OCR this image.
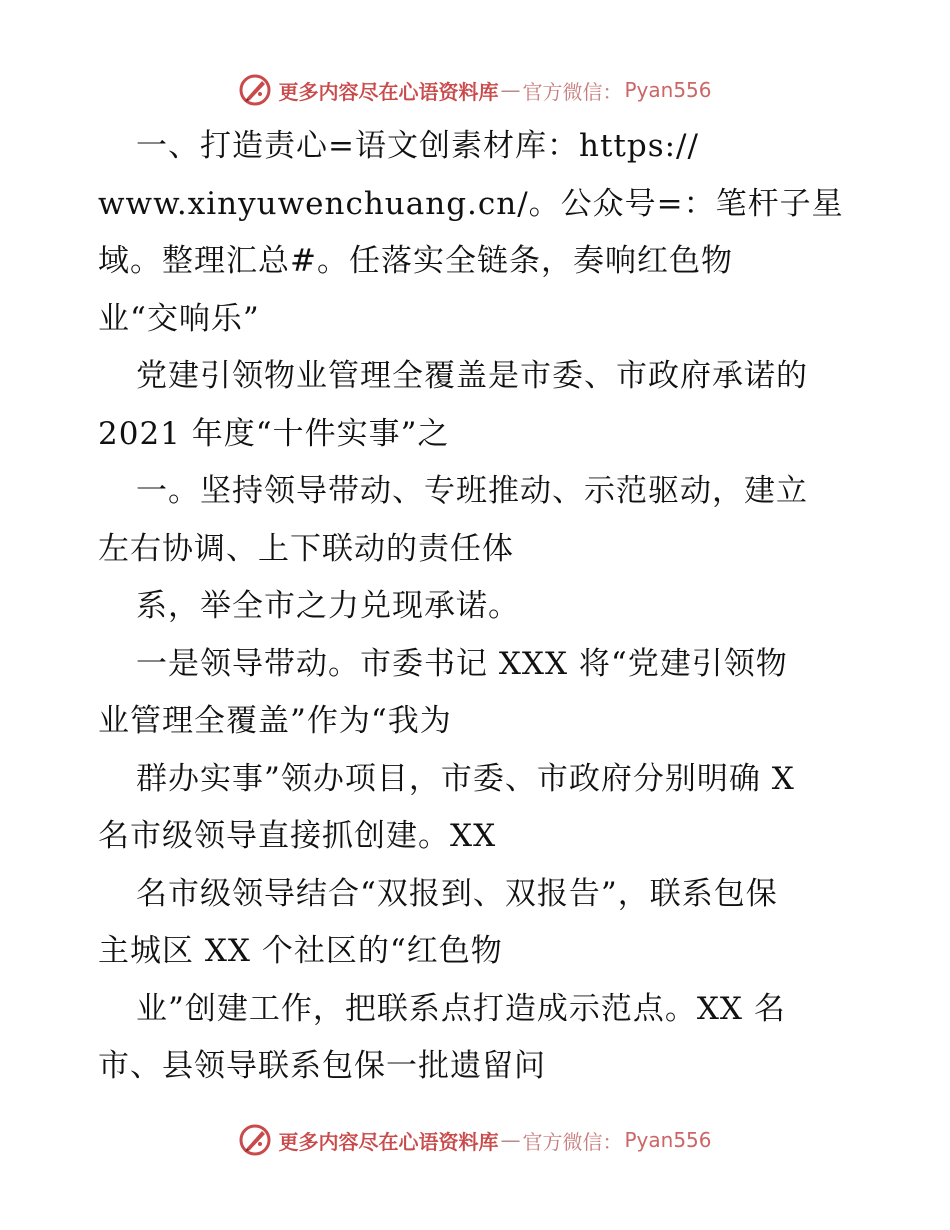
更多内容尽在心语资料库 — 官方微信： Pyan556
一、打造责心=语文创素材库：https://
www.xinyuwenchuang.cn/。公众号=：笔杆子星
域。整理汇总#。任落实全链条，奏响红色物
业“交响乐”
党建引领物业管理全覆盖是市委、市政府承诺的
2021 年度“十件实事”之
一。坚持领导带动、专班推动、示范驱动，建立
左右协调、上下联动的责任体
系，举全市之力兑现承诺。
一是领导带动。市委书记 XXX 将“党建引领物
业管理全覆盖”作为“我为
群办实事”领办项目，市委、市政府分别明确 X
名市级领导直接抓创建。XX
名市级领导结合“双报到、双报告”，联系包保
主城区 XX 个社区的“红色物
业”创建工作，把联系点打造成示范点。XX 名
市、县领导联系包保一批遗留问
更多内容尽在心语资料库 — 官方微信： Pyan556
